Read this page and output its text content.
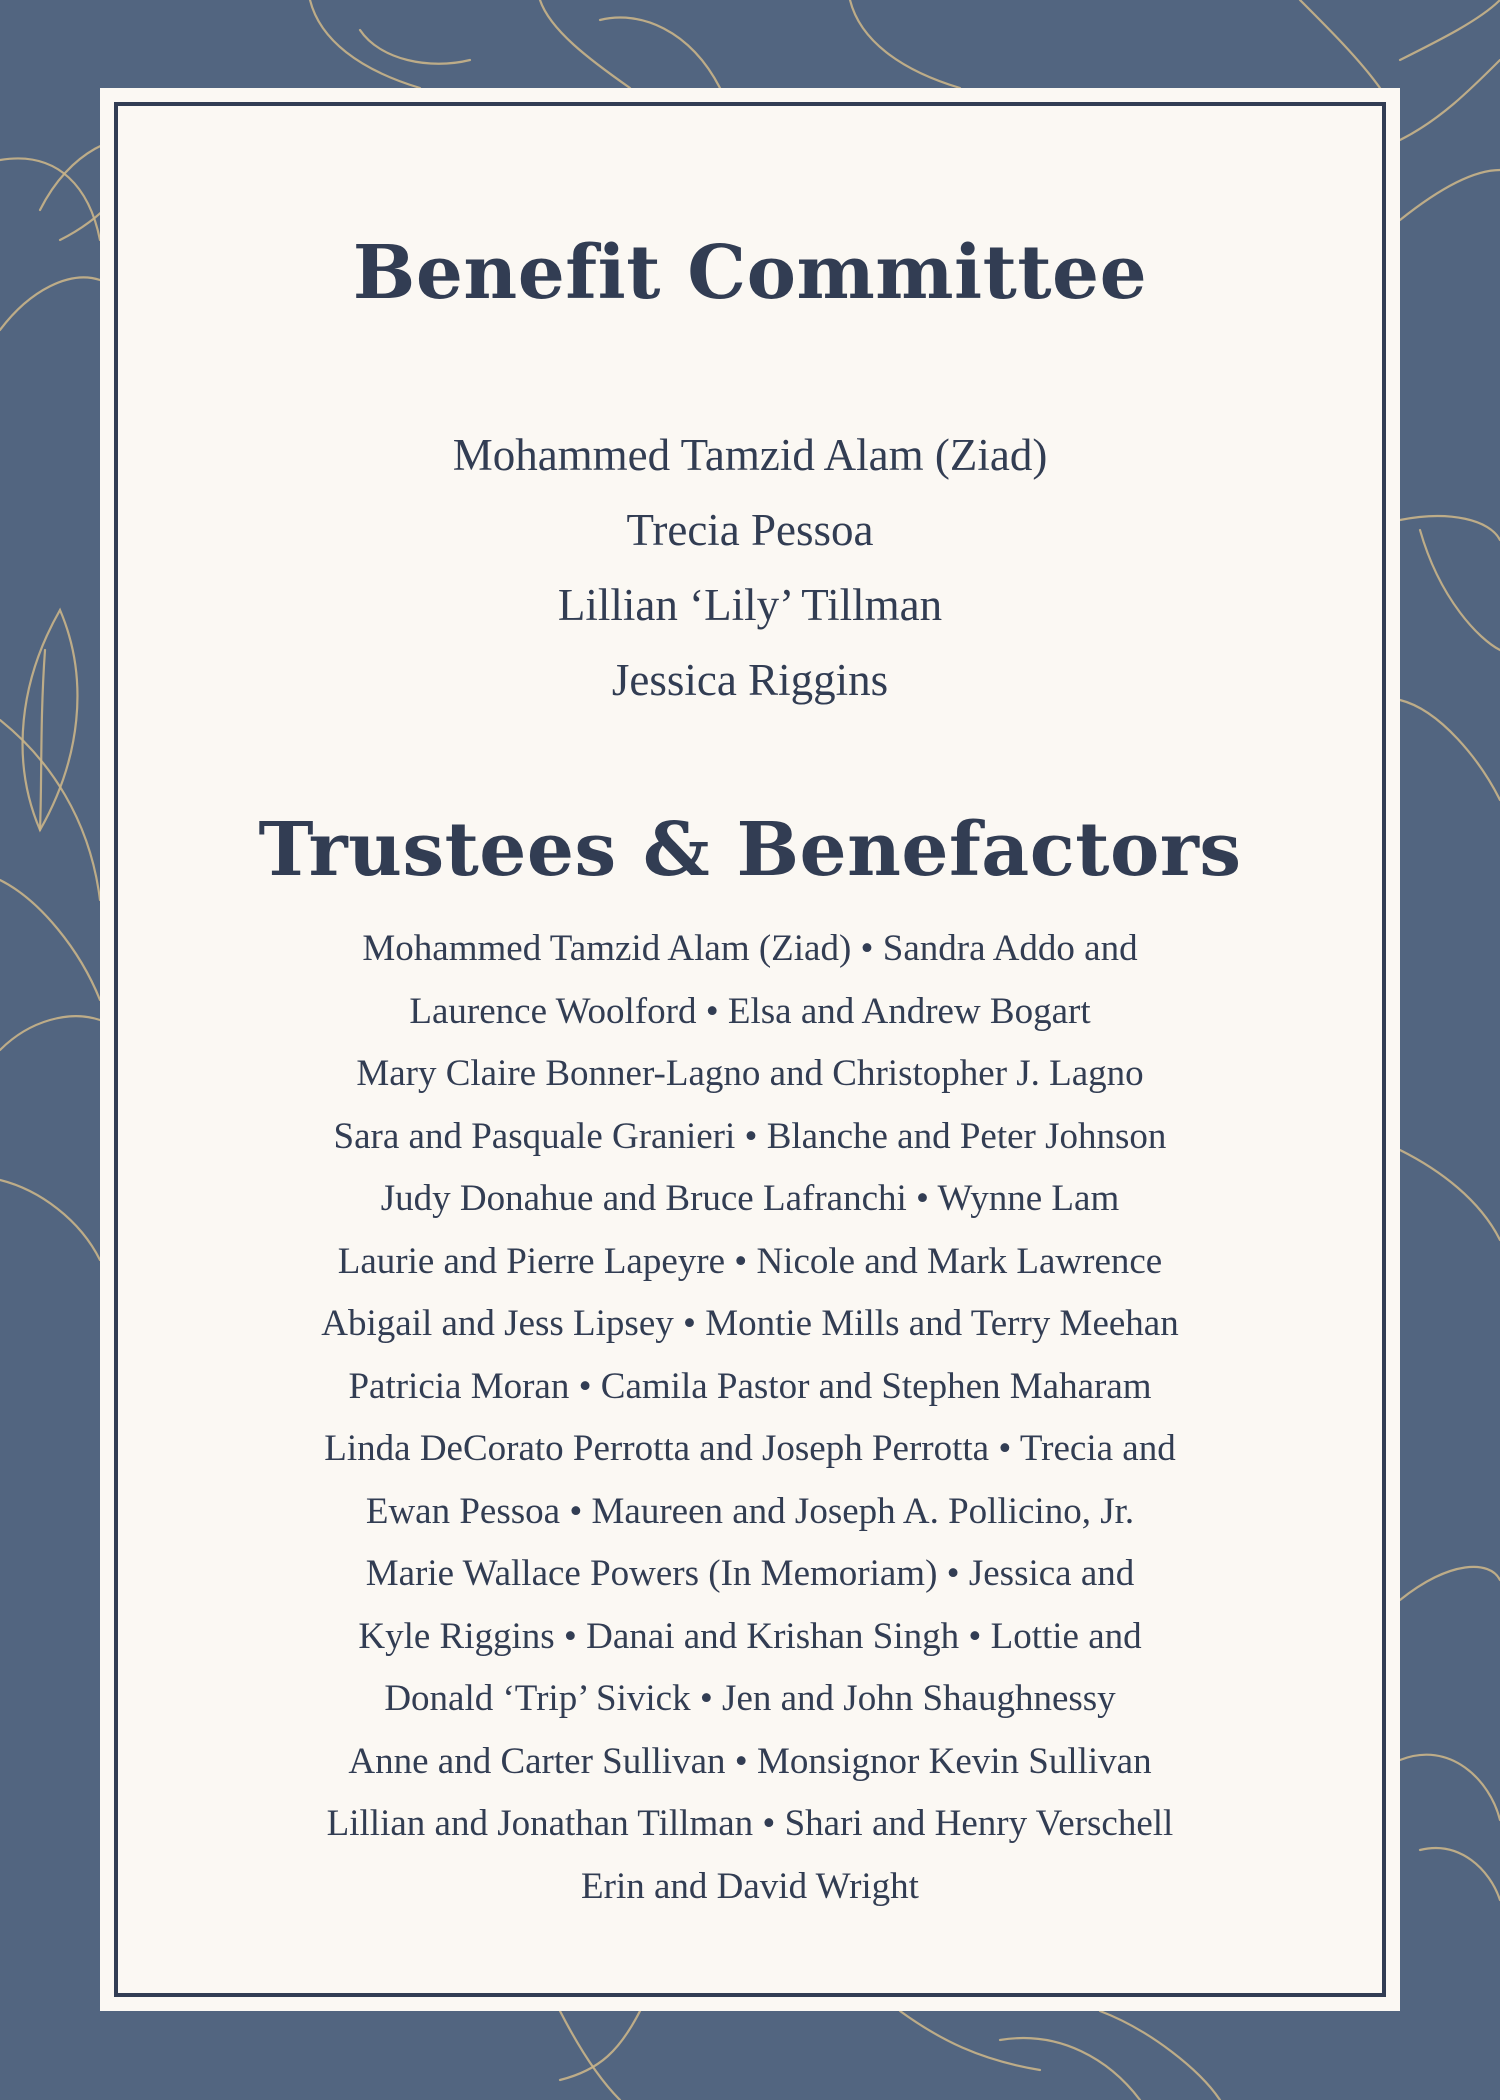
Benefit Committee
Mohammed Tamzid Alam (Ziad)
Trecia Pessoa
Lillian ‘Lily’ Tillman
Jessica Riggins
Trustees & Benefactors
Mohammed Tamzid Alam (Ziad) • Sandra Addo and
Laurence Woolford • Elsa and Andrew Bogart
Mary Claire Bonner-Lagno and Christopher J. Lagno
Sara and Pasquale Granieri • Blanche and Peter Johnson
Judy Donahue and Bruce Lafranchi • Wynne Lam
Laurie and Pierre Lapeyre • Nicole and Mark Lawrence
Abigail and Jess Lipsey • Montie Mills and Terry Meehan
Patricia Moran • Camila Pastor and Stephen Maharam
Linda DeCorato Perrotta and Joseph Perrotta • Trecia and
Ewan Pessoa • Maureen and Joseph A. Pollicino, Jr.
Marie Wallace Powers (In Memoriam) • Jessica and
Kyle Riggins • Danai and Krishan Singh • Lottie and
Donald ‘Trip’ Sivick • Jen and John Shaughnessy
Anne and Carter Sullivan • Monsignor Kevin Sullivan
Lillian and Jonathan Tillman • Shari and Henry Verschell
Erin and David Wright
